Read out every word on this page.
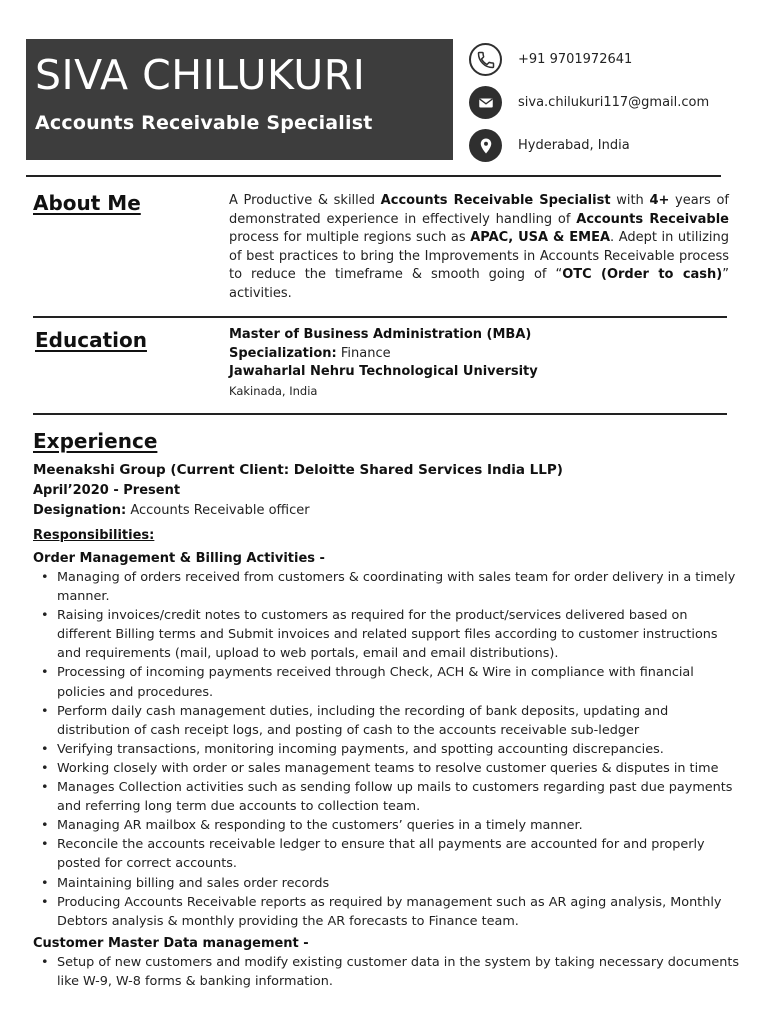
SIVA CHILUKURI
Accounts Receivable Specialist
+91 9701972641
siva.chilukuri117@gmail.com
Hyderabad, India
About Me	A Productive & skilled Accounts Receivable Specialist with 4+ years of demonstrated experience in effectively handling of Accounts Receivable process for multiple regions such as APAC, USA & EMEA. Adept in utilizing of best practices to bring the Improvements in Accounts Receivable process to reduce the timeframe & smooth going of “OTC (Order to cash)” activities.
Education	Master of Business Administration (MBA)
Specialization: Finance
Jawaharlal Nehru Technological University
Kakinada, India
Experience
Meenakshi Group (Current Client: Deloitte Shared Services India LLP)
April’2020 - Present
Designation: Accounts Receivable officer
Responsibilities:
Order Management & Billing Activities -
• Managing of orders received from customers & coordinating with sales team for order delivery in a timely manner.
• Raising invoices/credit notes to customers as required for the product/services delivered based on different Billing terms and Submit invoices and related support files according to customer instructions and requirements (mail, upload to web portals, email and email distributions).
• Processing of incoming payments received through Check, ACH & Wire in compliance with financial policies and procedures.
• Perform daily cash management duties, including the recording of bank deposits, updating and distribution of cash receipt logs, and posting of cash to the accounts receivable sub-ledger
• Verifying transactions, monitoring incoming payments, and spotting accounting discrepancies.
• Working closely with order or sales management teams to resolve customer queries & disputes in time
• Manages Collection activities such as sending follow up mails to customers regarding past due payments and referring long term due accounts to collection team.
• Managing AR mailbox & responding to the customers’ queries in a timely manner.
• Reconcile the accounts receivable ledger to ensure that all payments are accounted for and properly posted for correct accounts.
• Maintaining billing and sales order records
• Producing Accounts Receivable reports as required by management such as AR aging analysis, Monthly Debtors analysis & monthly providing the AR forecasts to Finance team.
Customer Master Data management -
• Setup of new customers and modify existing customer data in the system by taking necessary documents like W-9, W-8 forms & banking information.
